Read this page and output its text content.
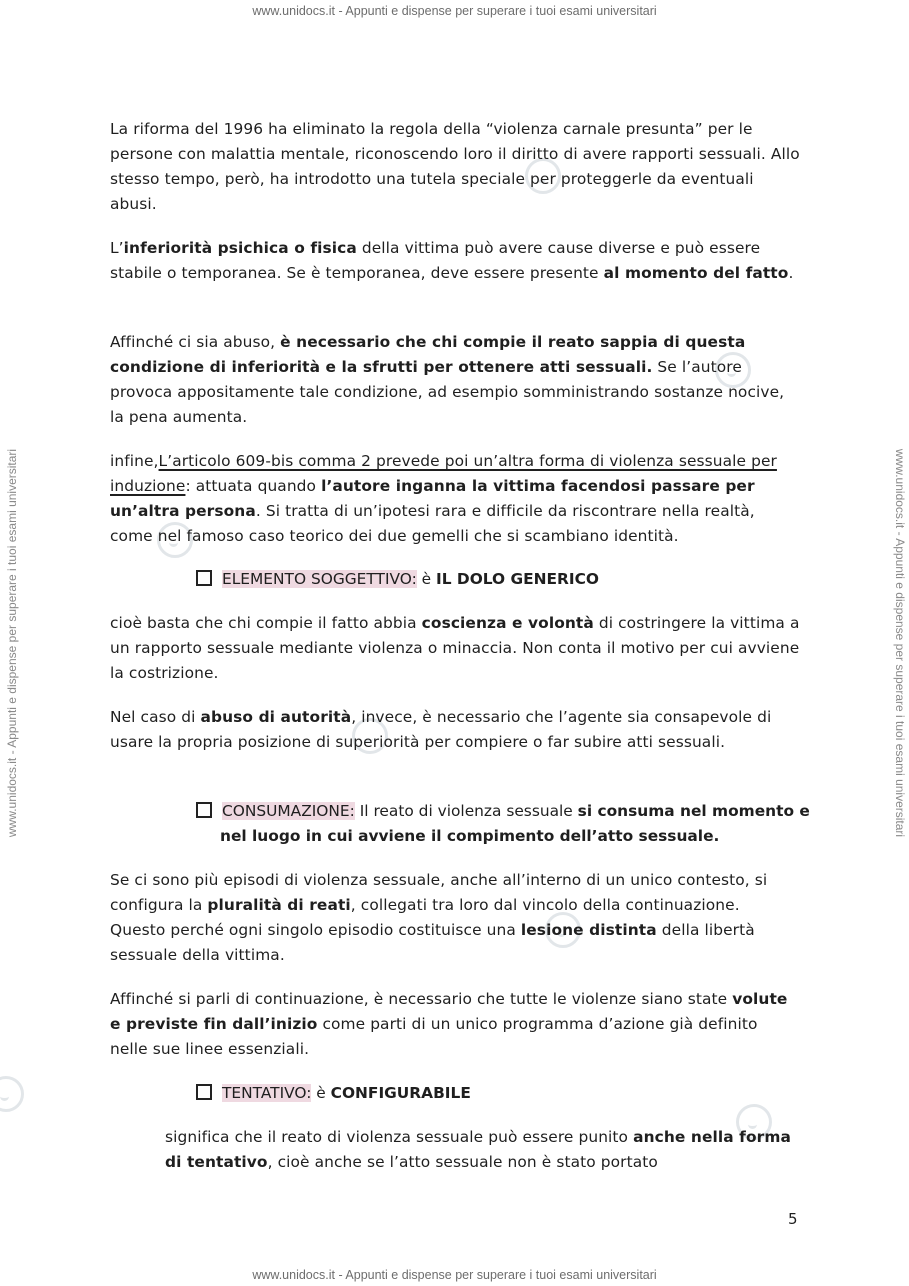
www.unidocs.it - Appunti e dispense per superare i tuoi esami universitari
www.unidocs.it - Appunti e dispense per superare i tuoi esami universitari	www.unidocs.it - Appunti e dispense per superare i tuoi esami universitari

La riforma del 1996 ha eliminato la regola della “violenza carnale presunta” per le persone con malattia mentale, riconoscendo loro il diritto di avere rapporti sessuali. Allo stesso tempo, però, ha introdotto una tutela speciale per proteggerle da eventuali abusi.

L’inferiorità psichica o fisica della vittima può avere cause diverse e può essere stabile o temporanea. Se è temporanea, deve essere presente al momento del fatto.

Affinché ci sia abuso, è necessario che chi compie il reato sappia di questa condizione di inferiorità e la sfrutti per ottenere atti sessuali. Se l’autore provoca appositamente tale condizione, ad esempio somministrando sostanze nocive, la pena aumenta.

infine,L’articolo 609-bis comma 2 prevede poi un’altra forma di violenza sessuale per induzione: attuata quando l’autore inganna la vittima facendosi passare per un’altra persona. Si tratta di un’ipotesi rara e difficile da riscontrare nella realtà, come nel famoso caso teorico dei due gemelli che si scambiano identità.

ELEMENTO SOGGETTIVO: è IL DOLO GENERICO

cioè basta che chi compie il fatto abbia coscienza e volontà di costringere la vittima a un rapporto sessuale mediante violenza o minaccia. Non conta il motivo per cui avviene la costrizione.

Nel caso di abuso di autorità, invece, è necessario che l’agente sia consapevole di usare la propria posizione di superiorità per compiere o far subire atti sessuali.

CONSUMAZIONE: Il reato di violenza sessuale si consuma nel momento e nel luogo in cui avviene il compimento dell’atto sessuale.

Se ci sono più episodi di violenza sessuale, anche all’interno di un unico contesto, si configura la pluralità di reati, collegati tra loro dal vincolo della continuazione. Questo perché ogni singolo episodio costituisce una lesione distinta della libertà sessuale della vittima.

Affinché si parli di continuazione, è necessario che tutte le violenze siano state volute e previste fin dall’inizio come parti di un unico programma d’azione già definito nelle sue linee essenziali.

TENTATIVO: è CONFIGURABILE

significa che il reato di violenza sessuale può essere punito anche nella forma di tentativo, cioè anche se l’atto sessuale non è stato portato

5
www.unidocs.it - Appunti e dispense per superare i tuoi esami universitari
